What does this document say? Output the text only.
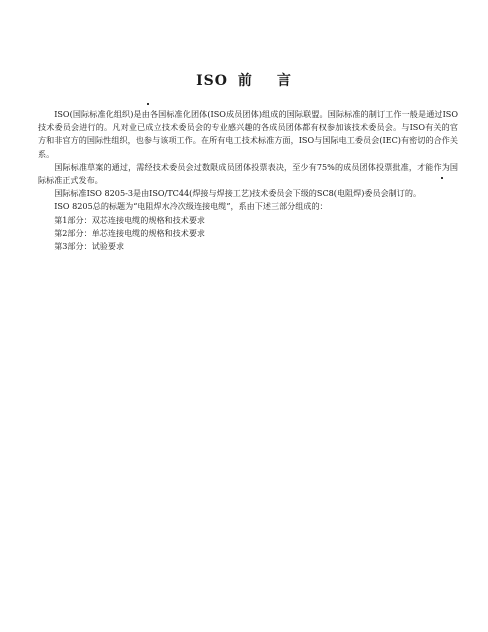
ISO 前 言

ISO(国际标准化组织)是由各国标准化团体(ISO成员团体)组成的国际联盟。国际标准的制订工作一般是通过ISO技术委员会进行的。凡对业已成立技术委员会的专业感兴趣的各成员团体都有权参加该技术委员会。与ISO有关的官方和非官方的国际性组织，也参与该项工作。在所有电工技术标准方面，ISO与国际电工委员会(IEC)有密切的合作关系。

国际标准草案的通过，需经技术委员会过数限成员团体投票表决，至少有75%的成员团体投票批准，才能作为国际标准正式发布。

国际标准ISO 8205-3是由ISO/TC44(焊接与焊接工艺)技术委员会下级的SC8(电阻焊)委员会制订的。

ISO 8205总的标题为“电阻焊水冷次级连接电缆”，系由下述三部分组成的：

第1部分：双芯连接电缆的规格和技术要求

第2部分：单芯连接电缆的规格和技术要求

第3部分：试验要求
